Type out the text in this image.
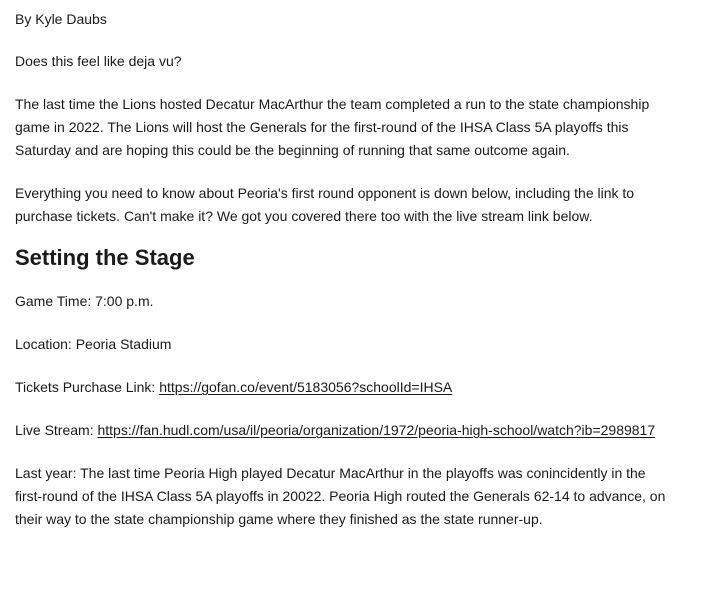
By Kyle Daubs

Does this feel like deja vu?

The last time the Lions hosted Decatur MacArthur the team completed a run to the state championship game in 2022. The Lions will host the Generals for the first-round of the IHSA Class 5A playoffs this Saturday and are hoping this could be the beginning of running that same outcome again.

Everything you need to know about Peoria's first round opponent is down below, including the link to purchase tickets. Can't make it? We got you covered there too with the live stream link below.

Setting the Stage

Game Time: 7:00 p.m.

Location: Peoria Stadium

Tickets Purchase Link: https://gofan.co/event/5183056?schoolId=IHSA

Live Stream: https://fan.hudl.com/usa/il/peoria/organization/1972/peoria-high-school/watch?ib=2989817

Last year: The last time Peoria High played Decatur MacArthur in the playoffs was conincidently in the first-round of the IHSA Class 5A playoffs in 20022. Peoria High routed the Generals 62-14 to advance, on their way to the state championship game where they finished as the state runner-up.
